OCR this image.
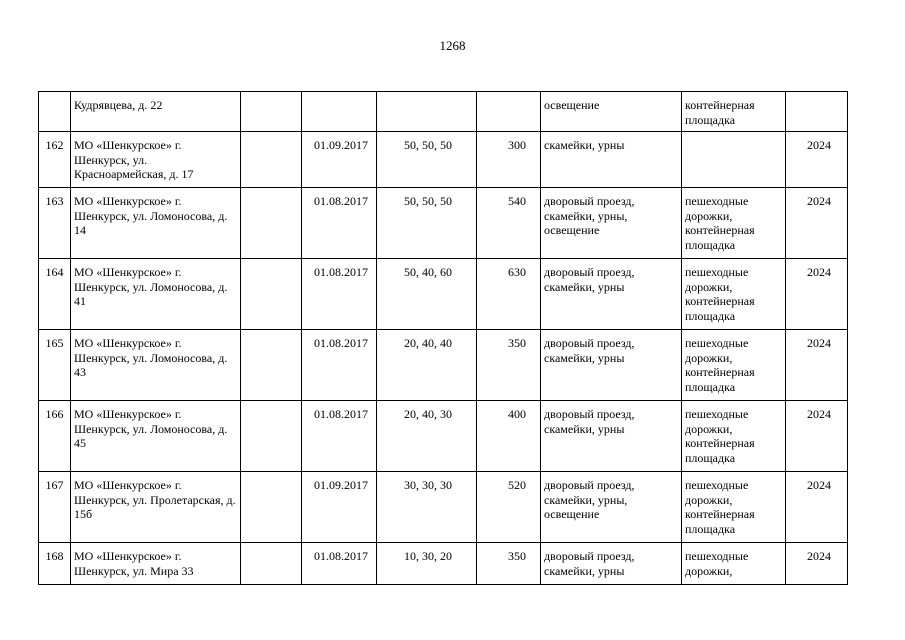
1268
	Кудрявцева, д. 22					освещение	контейнерная площадка	
162	МО «Шенкурское» г. Шенкурск, ул. Красноармейская, д. 17		01.09.2017	50, 50, 50	300	скамейки, урны		2024
163	МО «Шенкурское» г. Шенкурск, ул. Ломоносова, д. 14		01.08.2017	50, 50, 50	540	дворовый проезд, скамейки, урны, освещение	пешеходные дорожки, контейнерная площадка	2024
164	МО «Шенкурское» г. Шенкурск, ул. Ломоносова, д. 41		01.08.2017	50, 40, 60	630	дворовый проезд, скамейки, урны	пешеходные дорожки, контейнерная площадка	2024
165	МО «Шенкурское» г. Шенкурск, ул. Ломоносова, д. 43		01.08.2017	20, 40, 40	350	дворовый проезд, скамейки, урны	пешеходные дорожки, контейнерная площадка	2024
166	МО «Шенкурское» г. Шенкурск, ул. Ломоносова, д. 45		01.08.2017	20, 40, 30	400	дворовый проезд, скамейки, урны	пешеходные дорожки, контейнерная площадка	2024
167	МО «Шенкурское» г. Шенкурск, ул. Пролетарская, д. 15б		01.09.2017	30, 30, 30	520	дворовый проезд, скамейки, урны, освещение	пешеходные дорожки, контейнерная площадка	2024
168	МО «Шенкурское» г. Шенкурск, ул. Мира 33		01.08.2017	10, 30, 20	350	дворовый проезд, скамейки, урны	пешеходные дорожки,	2024
